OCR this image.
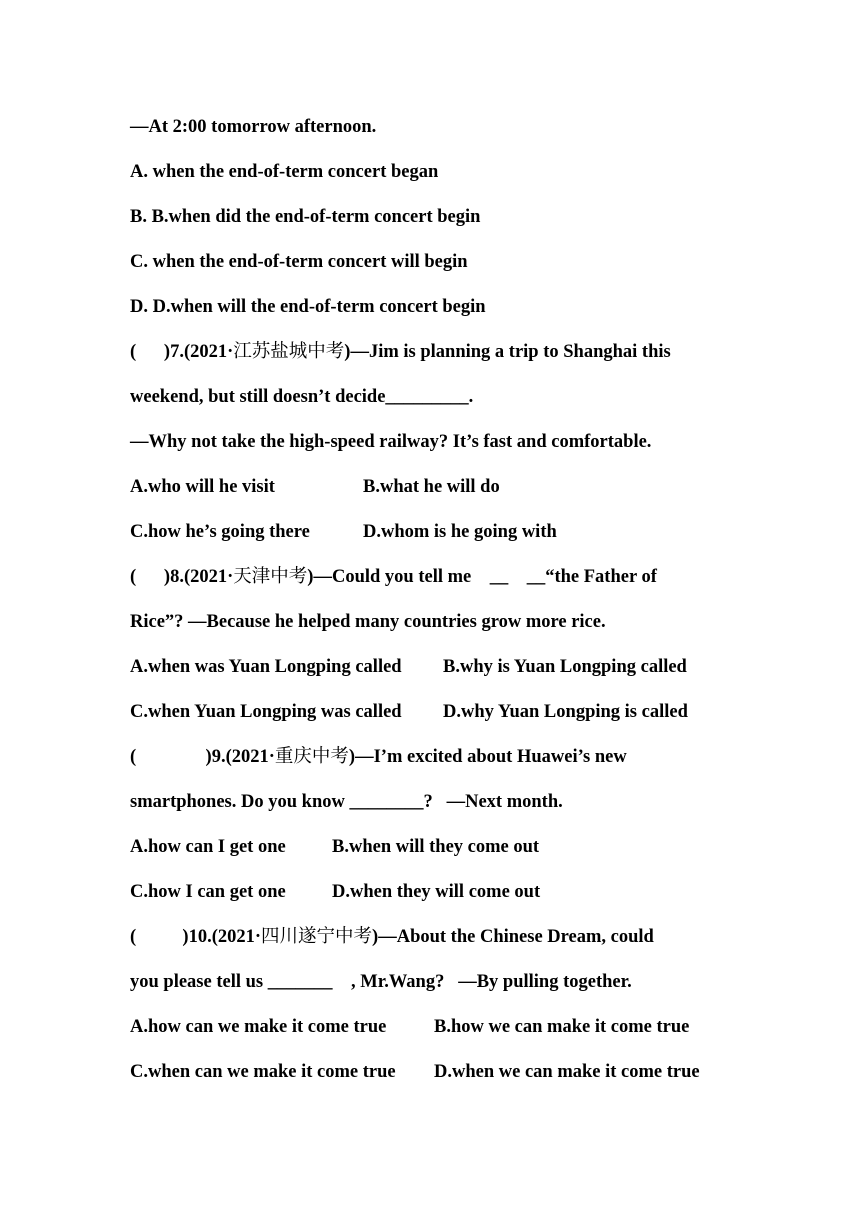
—At 2:00 tomorrow afternoon.
A. when the end-of-term concert began
B. B.when did the end-of-term concert begin
C. when the end-of-term concert will begin
D. D.when will the end-of-term concert begin
(      )7.(2021·江苏盐城中考)—Jim is planning a trip to Shanghai this
weekend, but still doesn’t decide_________.
—Why not take the high-speed railway? It’s fast and comfortable.

A.who will he visit

	B.what he will do

C.how he’s going there

	D.whom is he going with

(      )8.(2021·天津中考)—Could you tell me    __    __“the Father of
Rice”? —Because he helped many countries grow more rice.

A.when was Yuan Longping called

B.why is Yuan Longping called

C.when Yuan Longping was called

D.why Yuan Longping is called

(               )9.(2021·重庆中考)—I’m excited about Huawei’s new
smartphones. Do you know ________?   —Next month.

A.how can I get one

	B.when will they come out

C.how I can get one

	D.when they will come out

(          )10.(2021·四川遂宁中考)—About the Chinese Dream, could
you please tell us _______    , Mr.Wang?   —By pulling together.

A.how can we make it come true

	B.how we can make it come true

C.when can we make it come true

D.when we can make it come true
